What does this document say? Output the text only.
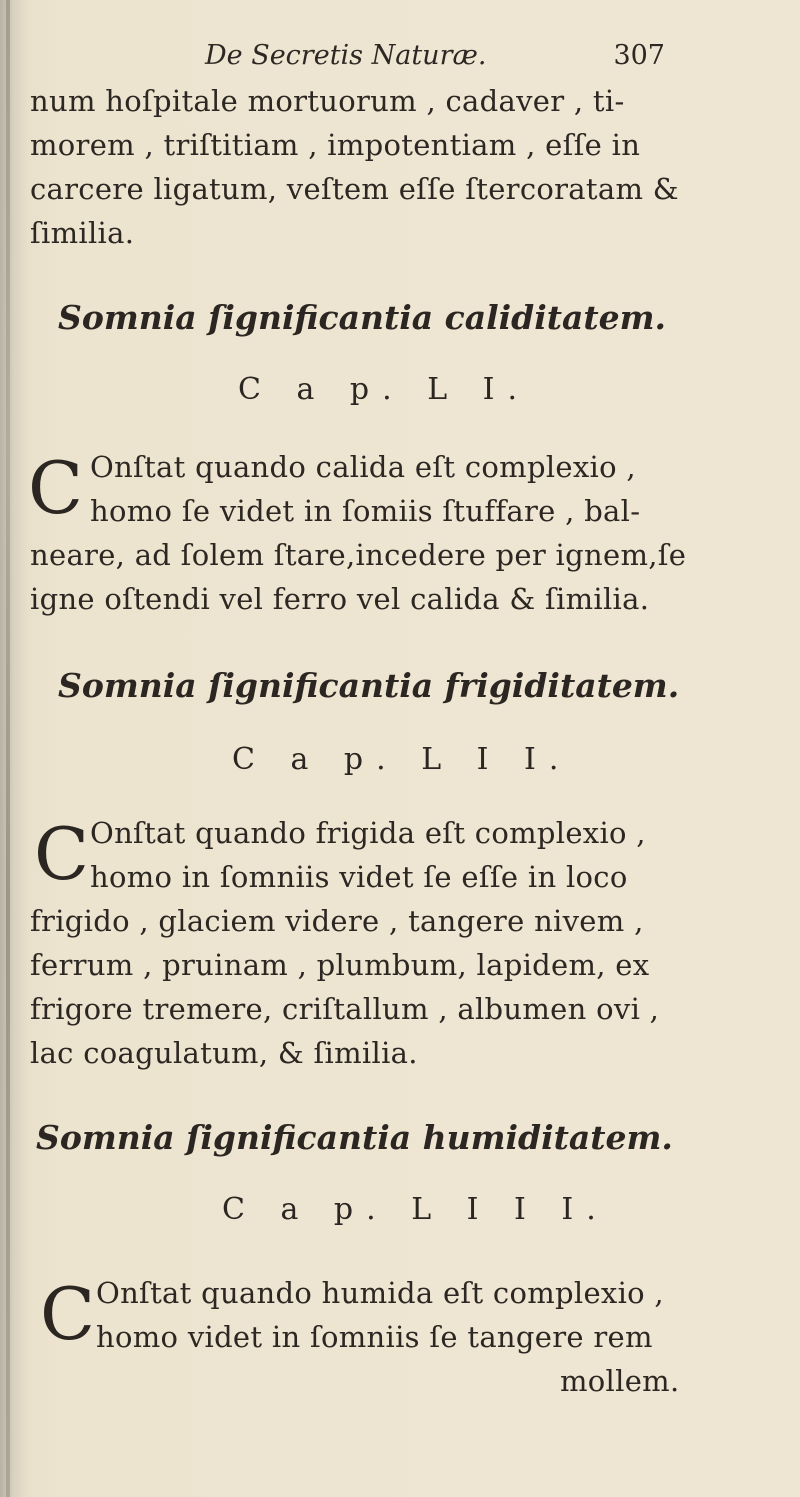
De Secretis Naturæ.	307
num hoſpitale mortuorum , cadaver , ti-
morem , triſtitiam , impotentiam , eſſe in
carcere ligatum, veſtem eſſe ſtercoratam &
ſimilia.
Somnia ſignificantia caliditatem.
C a p. L I.
C Onſtat quando calida eſt complexio ,
homo ſe videt in ſomiis ſtuffare , bal-
neare, ad ſolem ſtare,incedere per ignem,ſe
igne oſtendi vel ferro vel calida & ſimilia.
Somnia ſignificantia frigiditatem.
C a p. L I I.
C Onſtat quando frigida eſt complexio ,
homo in ſomniis videt ſe eſſe in loco
frigido , glaciem videre , tangere nivem ,
ferrum , pruinam , plumbum, lapidem, ex
frigore tremere, criſtallum , albumen ovi ,
lac coagulatum, & ſimilia.
Somnia ſignificantia humiditatem.
C a p. L I I I.
C Onſtat quando humida eſt complexio ,
homo videt in ſomniis ſe tangere rem
mollem.
